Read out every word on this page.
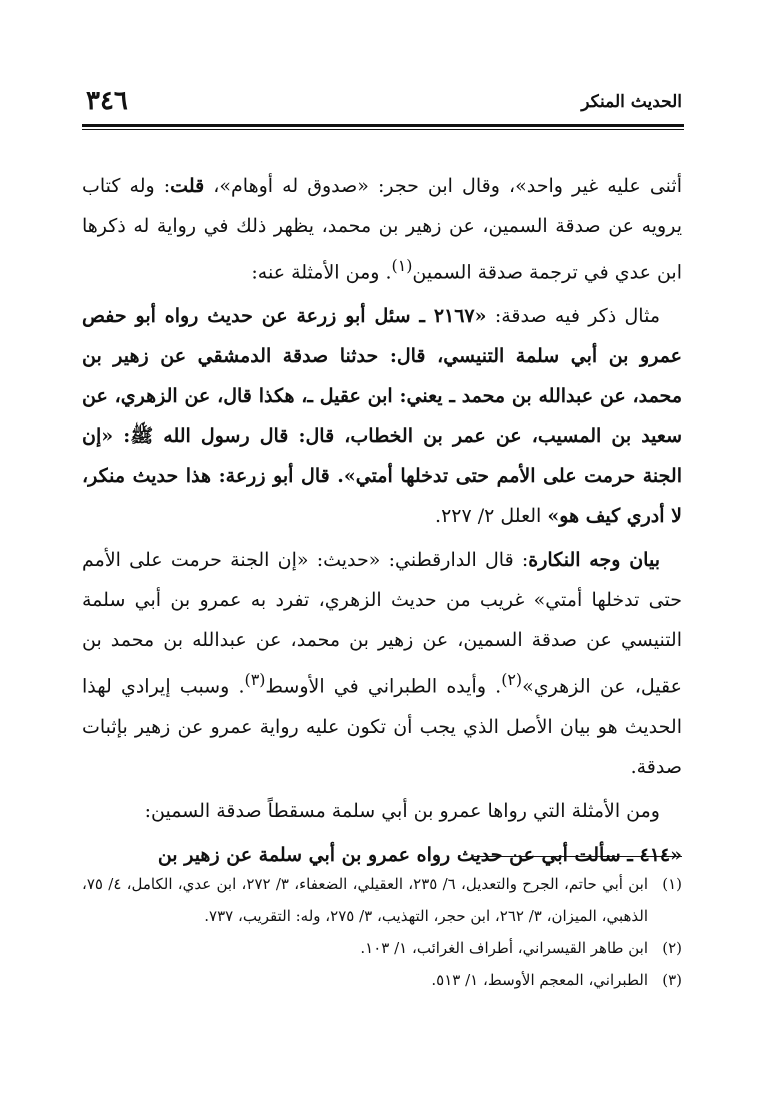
٣٤٦	الحديث المنكر

أثنى عليه غير واحد»، وقال ابن حجر: «صدوق له أوهام»، قلت: وله كتاب يرويه عن صدقة السمين، عن زهير بن محمد، يظهر ذلك في رواية له ذكرها ابن عدي في ترجمة صدقة السمين$^{(١)}$. ومن الأمثلة عنه:

مثال ذكر فيه صدقة: «٢١٦٧ ـ سئل أبو زرعة عن حديث رواه أبو حفص عمرو بن أبي سلمة التنيسي، قال: حدثنا صدقة الدمشقي عن زهير بن محمد، عن عبدالله بن محمد ـ يعني: ابن عقيل ـ، هكذا قال، عن الزهري، عن سعيد بن المسيب، عن عمر بن الخطاب، قال: قال رسول الله ﷺ: «إن الجنة حرمت على الأمم حتى تدخلها أمتي». قال أبو زرعة: هذا حديث منكر، لا أدري كيف هو» العلل ٢/ ٢٢٧.

بيان وجه النكارة: قال الدارقطني: «حديث: «إن الجنة حرمت على الأمم حتى تدخلها أمتي» غريب من حديث الزهري، تفرد به عمرو بن أبي سلمة التنيسي عن صدقة السمين، عن زهير بن محمد، عن عبدالله بن محمد بن عقيل، عن الزهري»$^{(٢)}$. وأيده الطبراني في الأوسط$^{(٣)}$. وسبب إيرادي لهذا الحديث هو بيان الأصل الذي يجب أن تكون عليه رواية عمرو عن زهير بإثبات صدقة.

ومن الأمثلة التي رواها عمرو بن أبي سلمة مسقطاً صدقة السمين:

«٤١٤ ـ سألت أبي عن حديث رواه عمرو بن أبي سلمة عن زهير بن

(١)
ابن أبي حاتم، الجرح والتعديل، ٦/ ٢٣٥، العقيلي، الضعفاء، ٣/ ٢٧٢، ابن عدي، الكامل، ٤/ ٧٥، الذهبي، الميزان، ٣/ ٢٦٢، ابن حجر، التهذيب، ٣/ ٢٧٥، وله: التقريب، ٧٣٧.

(٢)
ابن طاهر القيسراني، أطراف الغرائب، ١/ ١٠٣.

(٣)
الطبراني، المعجم الأوسط، ١/ ٥١٣.
